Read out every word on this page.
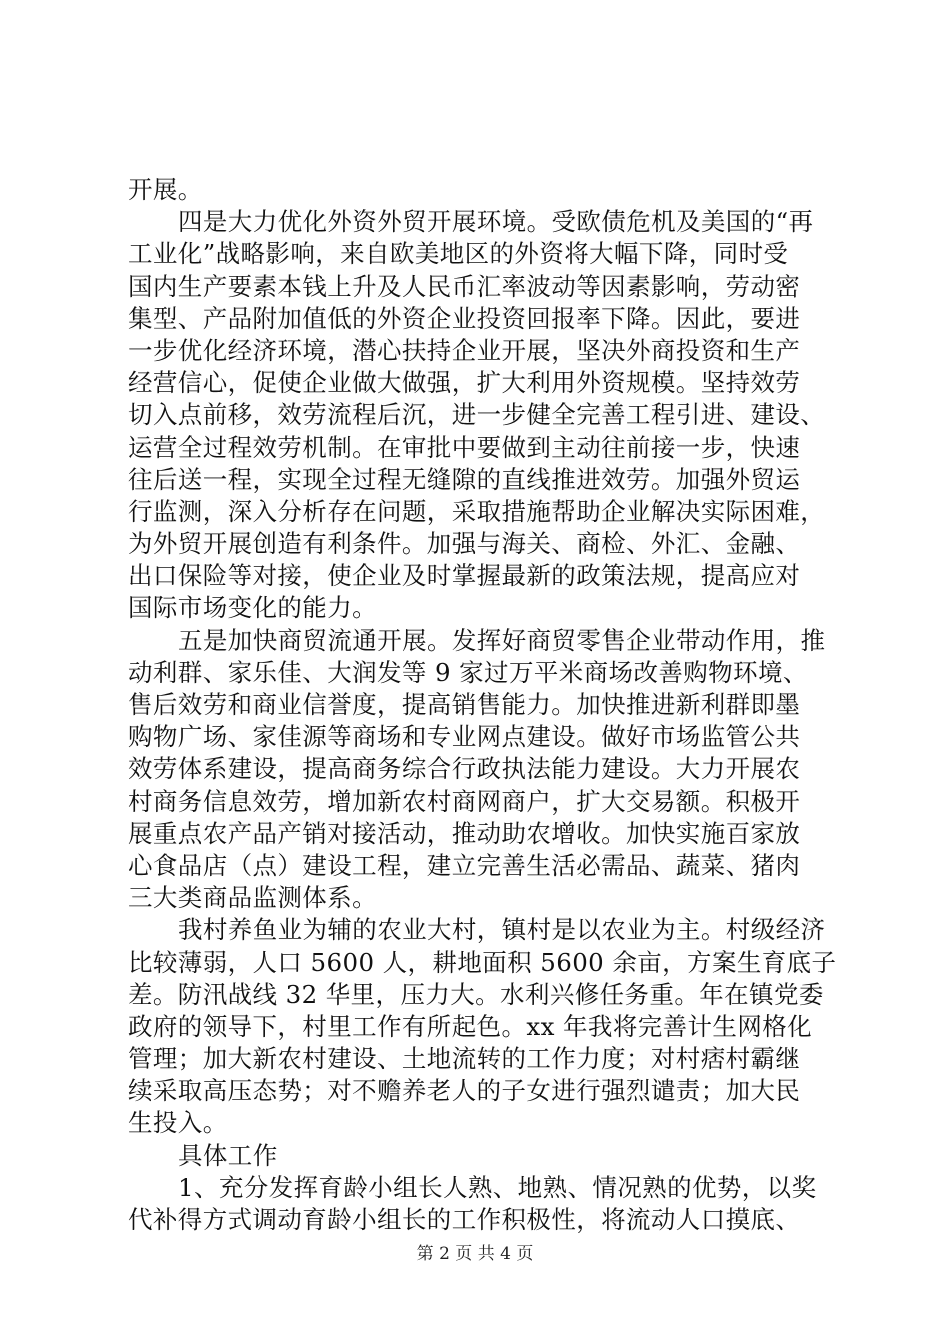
开展。
四是大力优化外资外贸开展环境。受欧债危机及美国的“再
工业化”战略影响，来自欧美地区的外资将大幅下降，同时受
国内生产要素本钱上升及人民币汇率波动等因素影响，劳动密
集型、产品附加值低的外资企业投资回报率下降。因此，要进
一步优化经济环境，潜心扶持企业开展，坚决外商投资和生产
经营信心，促使企业做大做强，扩大利用外资规模。坚持效劳
切入点前移，效劳流程后沉，进一步健全完善工程引进、建设、
运营全过程效劳机制。在审批中要做到主动往前接一步，快速
往后送一程，实现全过程无缝隙的直线推进效劳。加强外贸运
行监测，深入分析存在问题，采取措施帮助企业解决实际困难，
为外贸开展创造有利条件。加强与海关、商检、外汇、金融、
出口保险等对接，使企业及时掌握最新的政策法规，提高应对
国际市场变化的能力。
五是加快商贸流通开展。发挥好商贸零售企业带动作用，推
动利群、家乐佳、大润发等 9 家过万平米商场改善购物环境、
售后效劳和商业信誉度，提高销售能力。加快推进新利群即墨
购物广场、家佳源等商场和专业网点建设。做好市场监管公共
效劳体系建设，提高商务综合行政执法能力建设。大力开展农
村商务信息效劳，增加新农村商网商户，扩大交易额。积极开
展重点农产品产销对接活动，推动助农增收。加快实施百家放
心食品店（点）建设工程，建立完善生活必需品、蔬菜、猪肉
三大类商品监测体系。
我村养鱼业为辅的农业大村，镇村是以农业为主。村级经济
比较薄弱，人口 5600 人，耕地面积 5600 余亩，方案生育底子
差。防汛战线 32 华里，压力大。水利兴修任务重。年在镇党委
政府的领导下，村里工作有所起色。xx 年我将完善计生网格化
管理；加大新农村建设、土地流转的工作力度；对村痞村霸继
续采取高压态势；对不赡养老人的子女进行强烈谴责；加大民
生投入。
具体工作
1、充分发挥育龄小组长人熟、地熟、情况熟的优势，以奖
代补得方式调动育龄小组长的工作积极性，将流动人口摸底、
第 2 页 共 4 页
